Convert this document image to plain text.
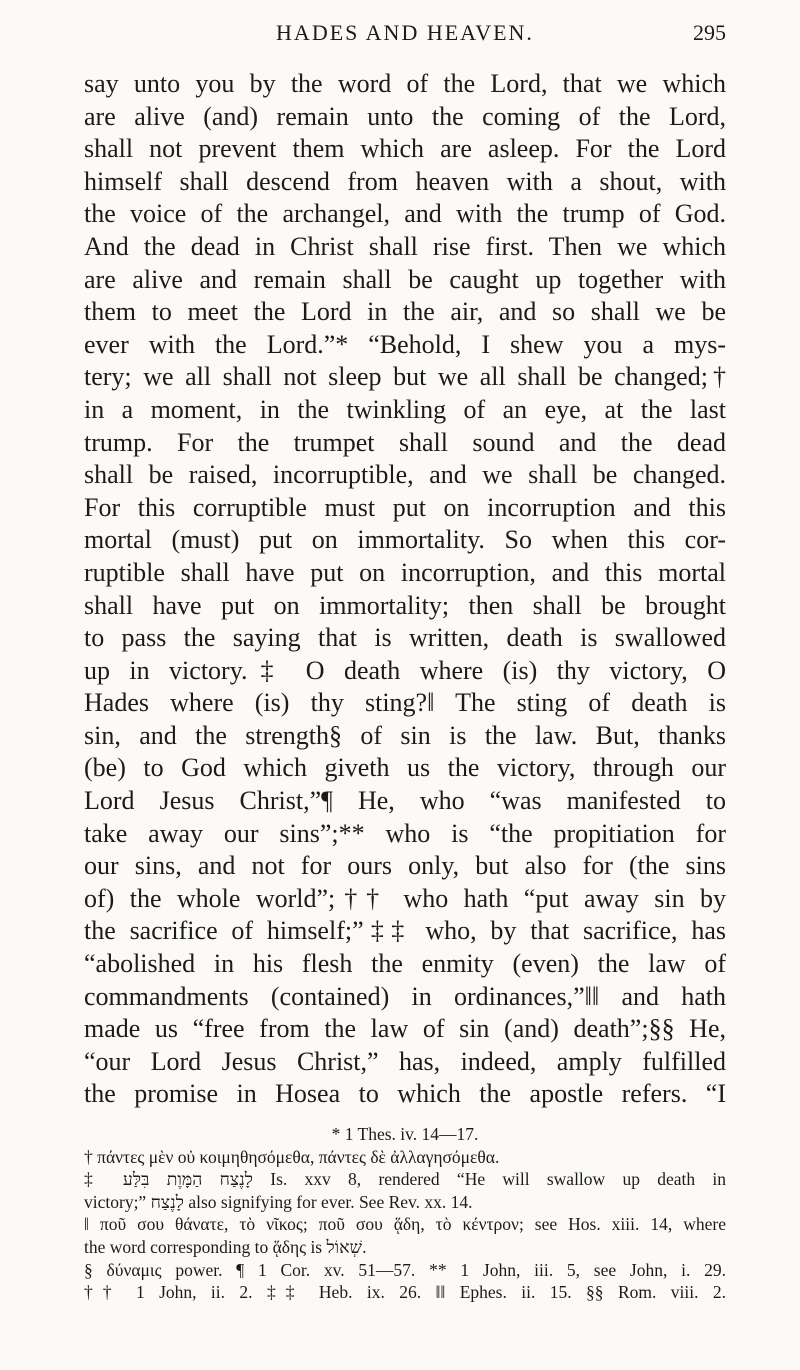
HADES AND HEAVEN.	295

say unto you by the word of the Lord, that we which

are alive (and) remain unto the coming of the Lord,

shall not prevent them which are asleep. For the Lord

himself shall descend from heaven with a shout, with

the voice of the archangel, and with the trump of God.

And the dead in Christ shall rise first. Then we which

are alive and remain shall be caught up together with

them to meet the Lord in the air, and so shall we be

ever with the Lord.”* “Behold, I shew you a mys-

tery; we all shall not sleep but we all shall be changed;†

in a moment, in the twinkling of an eye, at the last

trump. For the trumpet shall sound and the dead

shall be raised, incorruptible, and we shall be changed.

For this corruptible must put on incorruption and this

mortal (must) put on immortality. So when this cor-

ruptible shall have put on incorruption, and this mortal

shall have put on immortality; then shall be brought

to pass the saying that is written, death is swallowed

up in victory.‡ O death where (is) thy victory, O

Hades where (is) thy sting?‖ The sting of death is

sin, and the strength§ of sin is the law. But, thanks

(be) to God which giveth us the victory, through our

Lord Jesus Christ,”¶ He, who “was manifested to

take away our sins”;** who is “the propitiation for

our sins, and not for ours only, but also for (the sins

of) the whole world”;†† who hath “put away sin by

the sacrifice of himself;”‡‡ who, by that sacrifice, has

“abolished in his flesh the enmity (even) the law of

commandments (contained) in ordinances,”‖‖ and hath

made us “free from the law of sin (and) death”;§§ He,

“our Lord Jesus Christ,” has, indeed, amply fulfilled

the promise in Hosea to which the apostle refers. “I

* 1 Thes. iv. 14—17.

† πάντες μὲν οὐ κοιμηθησόμεθα, πάντες δὲ ἀλλαγησόμεθα.

‡ לָנֶצַח הַמָּוֶת בִּלַּע Is. xxv 8, rendered “He will swallow up death in

victory;” לָנֶצַח also signifying for ever. See Rev. xx. 14.

‖ ποῦ σου θάνατε, τὸ νῖκος; ποῦ σου ᾅδη, τὸ κέντρον; see Hos. xiii. 14, where

the word corresponding to ᾅδης is שְׁאוֹל.

§ δύναμις power. ¶ 1 Cor. xv. 51—57. ** 1 John, iii. 5, see John, i. 29.

†† 1 John, ii. 2. ‡‡ Heb. ix. 26. ‖‖ Ephes. ii. 15. §§ Rom. viii. 2.
